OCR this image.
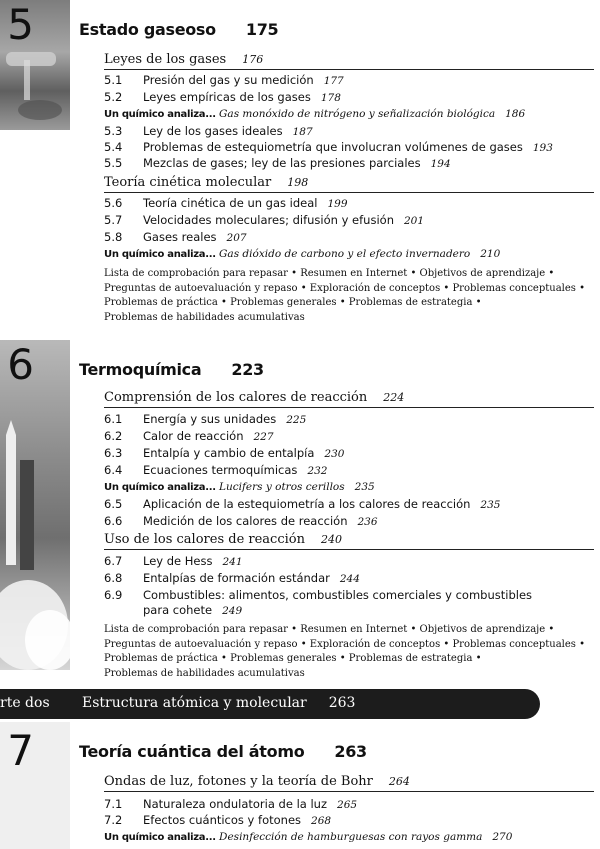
5
6
7
Estado gaseoso 175
Leyes de los gases 176
5.1 Presión del gas y su medición 177
5.2 Leyes empíricas de los gases 178
Un químico analiza... Gas monóxido de nitrógeno y señalización biológica 186
5.3 Ley de los gases ideales 187
5.4 Problemas de estequiometría que involucran volúmenes de gases 193
5.5 Mezclas de gases; ley de las presiones parciales 194
Teoría cinética molecular 198
5.6 Teoría cinética de un gas ideal 199
5.7 Velocidades moleculares; difusión y efusión 201
5.8 Gases reales 207
Un químico analiza... Gas dióxido de carbono y el efecto invernadero 210
Lista de comprobación para repasar • Resumen en Internet • Objetivos de aprendizaje •
Preguntas de autoevaluación y repaso • Exploración de conceptos • Problemas conceptuales •
Problemas de práctica • Problemas generales • Problemas de estrategia •
Problemas de habilidades acumulativas
Termoquímica 223
Comprensión de los calores de reacción 224
6.1 Energía y sus unidades 225
6.2 Calor de reacción 227
6.3 Entalpía y cambio de entalpía 230
6.4 Ecuaciones termoquímicas 232
Un químico analiza... Lucifers y otros cerillos 235
6.5 Aplicación de la estequiometría a los calores de reacción 235
6.6 Medición de los calores de reacción 236
Uso de los calores de reacción 240
6.7 Ley de Hess 241
6.8 Entalpías de formación estándar 244
6.9 Combustibles: alimentos, combustibles comerciales y combustibles
para cohete 249
Lista de comprobación para repasar • Resumen en Internet • Objetivos de aprendizaje •
Preguntas de autoevaluación y repaso • Exploración de conceptos • Problemas conceptuales •
Problemas de práctica • Problemas generales • Problemas de estrategia •
Problemas de habilidades acumulativas
rte dos Estructura atómica y molecular 263
Teoría cuántica del átomo 263
Ondas de luz, fotones y la teoría de Bohr 264
7.1 Naturaleza ondulatoria de la luz 265
7.2 Efectos cuánticos y fotones 268
Un químico analiza... Desinfección de hamburguesas con rayos gamma 270
